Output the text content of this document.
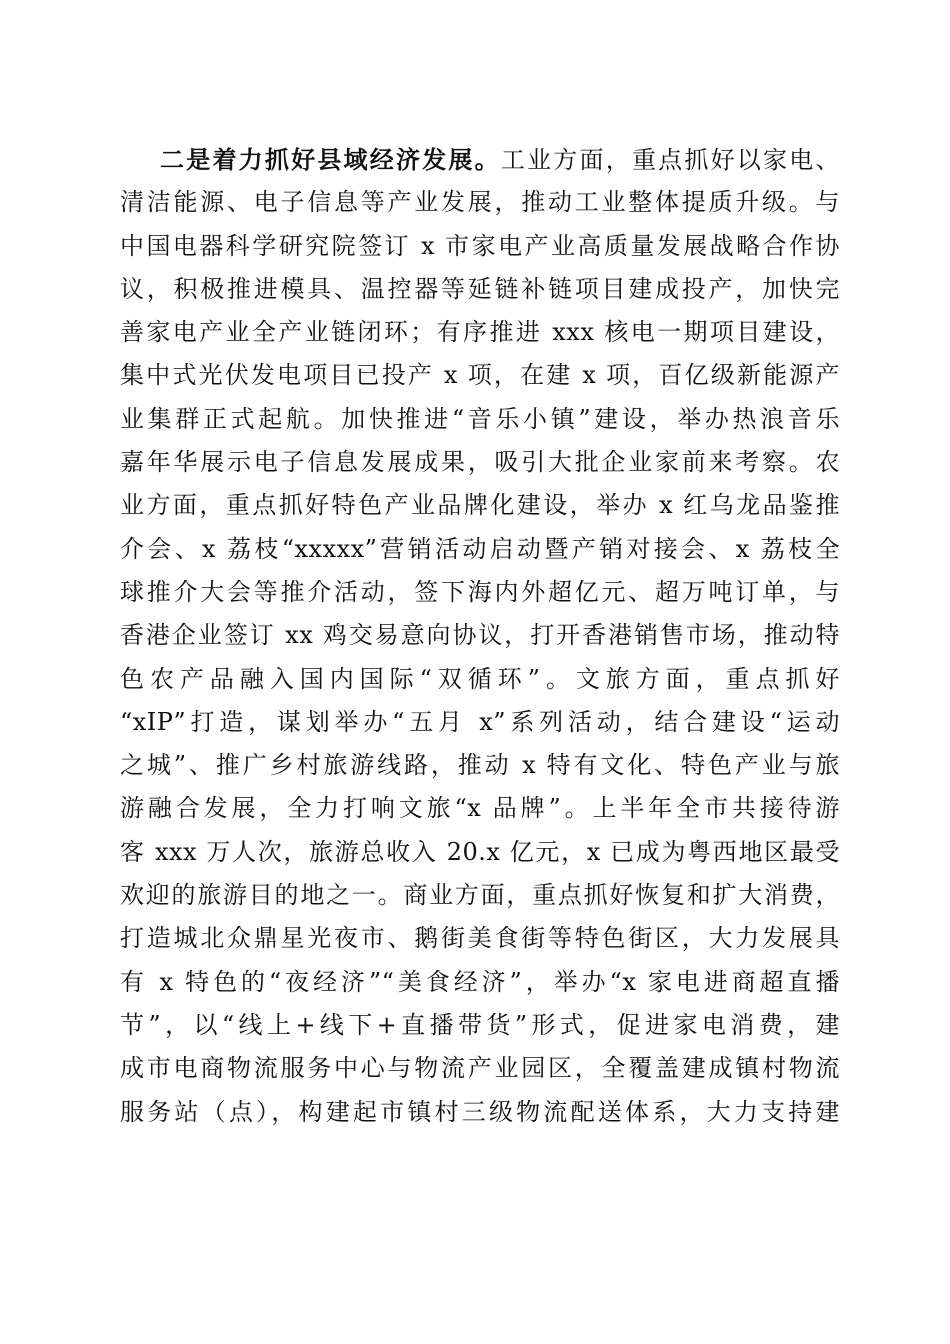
二是着力抓好县域经济发展。工业方面，重点抓好以家电、
清洁能源、电子信息等产业发展，推动工业整体提质升级。与
中国电器科学研究院签订 x 市家电产业高质量发展战略合作协
议，积极推进模具、温控器等延链补链项目建成投产，加快完
善家电产业全产业链闭环；有序推进 xxx 核电一期项目建设，
集中式光伏发电项目已投产 x 项，在建 x 项，百亿级新能源产
业集群正式起航。加快推进“音乐小镇”建设，举办热浪音乐
嘉年华展示电子信息发展成果，吸引大批企业家前来考察。农
业方面，重点抓好特色产业品牌化建设，举办 x 红乌龙品鉴推
介会、x 荔枝“xxxxx”营销活动启动暨产销对接会、x 荔枝全
球推介大会等推介活动，签下海内外超亿元、超万吨订单，与
香港企业签订 xx 鸡交易意向协议，打开香港销售市场，推动特
色农产品融入国内国际“双循环”。文旅方面，重点抓好
“xIP”打造，谋划举办“五月 x”系列活动，结合建设“运动
之城”、推广乡村旅游线路，推动 x 特有文化、特色产业与旅
游融合发展，全力打响文旅“x 品牌”。上半年全市共接待游
客 xxx 万人次，旅游总收入 20.x 亿元，x 已成为粤西地区最受
欢迎的旅游目的地之一。商业方面，重点抓好恢复和扩大消费，
打造城北众鼎星光夜市、鹅街美食街等特色街区，大力发展具
有 x 特色的“夜经济”“美食经济”，举办“x 家电进商超直播
节”，以“线上+线下+直播带货”形式，促进家电消费，建
成市电商物流服务中心与物流产业园区，全覆盖建成镇村物流
服务站（点），构建起市镇村三级物流配送体系，大力支持建
